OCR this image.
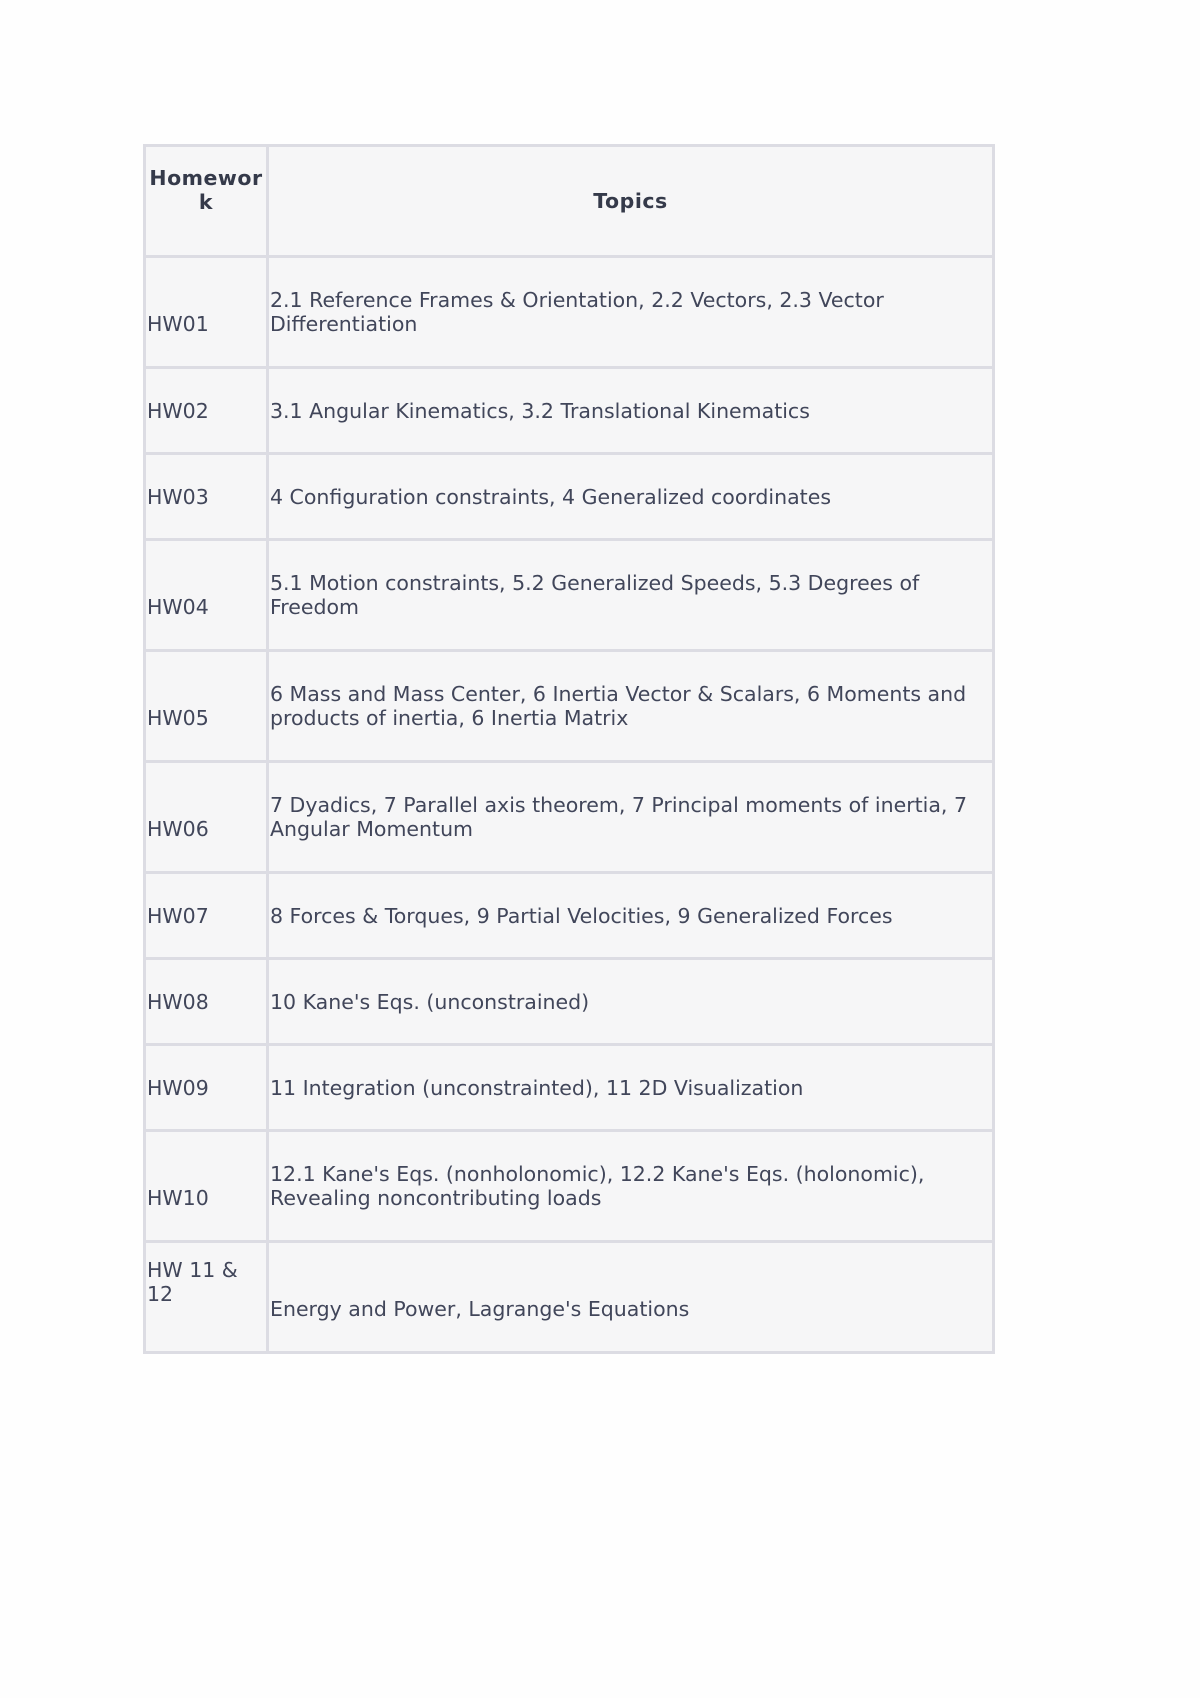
Homework	Topics
HW01	2.1 Reference Frames & Orientation, 2.2 Vectors, 2.3 Vector Differentiation
HW02	3.1 Angular Kinematics, 3.2 Translational Kinematics
HW03	4 Configuration constraints, 4 Generalized coordinates
HW04	5.1 Motion constraints, 5.2 Generalized Speeds, 5.3 Degrees of Freedom
HW05	6 Mass and Mass Center, 6 Inertia Vector & Scalars, 6 Moments and products of inertia, 6 Inertia Matrix
HW06	7 Dyadics, 7 Parallel axis theorem, 7 Principal moments of inertia, 7 Angular Momentum
HW07	8 Forces & Torques, 9 Partial Velocities, 9 Generalized Forces
HW08	10 Kane's Eqs. (unconstrained)
HW09	11 Integration (unconstrainted), 11 2D Visualization
HW10	12.1 Kane's Eqs. (nonholonomic), 12.2 Kane's Eqs. (holonomic), Revealing noncontributing loads
HW 11 & 12	Energy and Power, Lagrange's Equations
